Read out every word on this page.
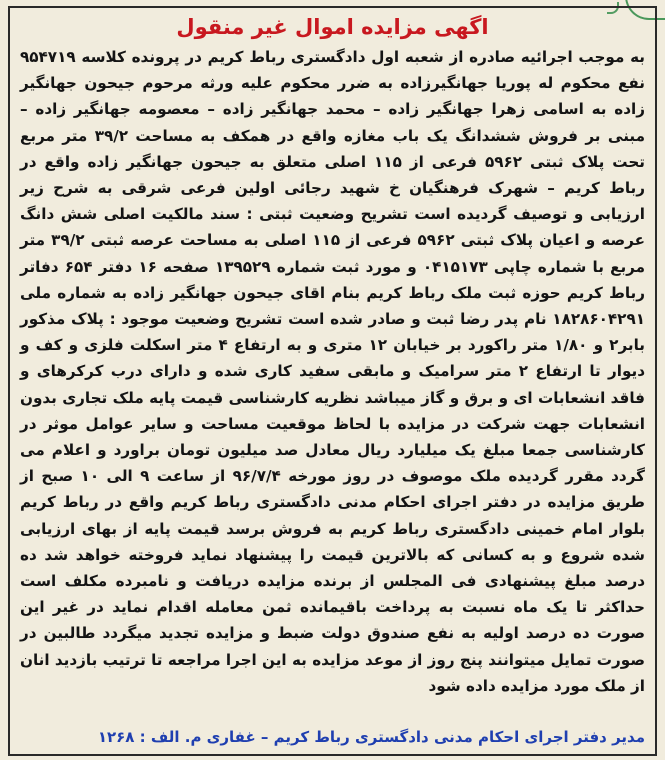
اگهی مزایده اموال غیر منقول

به موجب اجرائیه صادره از شعبه اول دادگستری رباط کریم در پرونده کلاسه ۹۵۴۷۱۹ نفع محکوم له پوریا جهانگیرزاده به ضرر محکوم علیه ورثه مرحوم جیحون جهانگیر زاده به اسامی زهرا جهانگیر زاده – محمد جهانگیر زاده – معصومه جهانگیر زاده – مبنی بر فروش ششدانگ یک باب مغازه واقع در همکف به مساحت ۳۹/۲ متر مربع تحت پلاک ثبتی ۵۹۶۲ فرعی از ۱۱۵ اصلی متعلق به جیحون جهانگیر زاده واقع در رباط کریم – شهرک فرهنگیان خ شهید رجائی اولین فرعی شرقی به شرح زیر ارزیابی و توصیف گردیده است تشریح وضعیت ثبتی : سند مالکیت اصلی شش دانگ عرصه و اعیان پلاک ثبتی ۵۹۶۲ فرعی از ۱۱۵ اصلی به مساحت عرصه ثبتی ۳۹/۲ متر مربع با شماره چاپی ۰۴۱۵۱۷۳ و مورد ثبت شماره ۱۳۹۵۲۹ صفحه ۱۶ دفتر ۶۵۴ دفاتر رباط کریم حوزه ثبت ملک رباط کریم بنام اقای جیحون جهانگیر زاده به شماره ملی ۱۸۲۸۶۰۴۲۹۱ نام پدر رضا ثبت و صادر شده است تشریح وضعیت موجود : پلاک مذکور بابر۲ و ۱/۸۰ متر راکورد بر خیابان ۱۲ متری و به ارتفاع ۴ متر اسکلت فلزی و کف و دیوار تا ارتفاع ۲ متر سرامیک و مابقی سفید کاری شده و دارای درب کرکرهای و فاقد انشعابات ای و برق و گاز میباشد نظریه کارشناسی قیمت پایه ملک تجاری بدون انشعابات جهت شرکت در مزایده با لحاظ موقعیت مساحت و سایر عوامل موثر در کارشناسی جمعا مبلغ یک میلیارد ریال معادل صد میلیون تومان براورد و اعلام می گردد مقرر گردیده ملک موصوف در روز مورخه ۹۶/۷/۴ از ساعت ۹ الی ۱۰ صبح از طریق مزایده در دفتر اجرای احکام مدنی دادگستری رباط کریم واقع در رباط کریم بلوار امام خمینی دادگستری رباط کریم به فروش برسد قیمت پایه از بهای ارزیابی شده شروع و به کسانی که بالاترین قیمت را پیشنهاد نماید فروخته خواهد شد ده درصد مبلغ پیشنهادی فی المجلس از برنده مزایده دریافت و نامبرده مکلف است حداکثر تا یک ماه نسبت به پرداخت باقیمانده ثمن معامله اقدام نماید در غیر این صورت ده درصد اولیه به نفع صندوق دولت ضبط و مزایده تجدید میگردد طالبین در صورت تمایل میتوانند پنج روز از موعد مزایده به این اجرا مراجعه تا ترتیب بازدید انان از ملک مورد مزایده داده شود

مدیر دفتر اجرای احکام مدنی دادگستری رباط کریم – غفاری م. الف : ۱۲۶۸
